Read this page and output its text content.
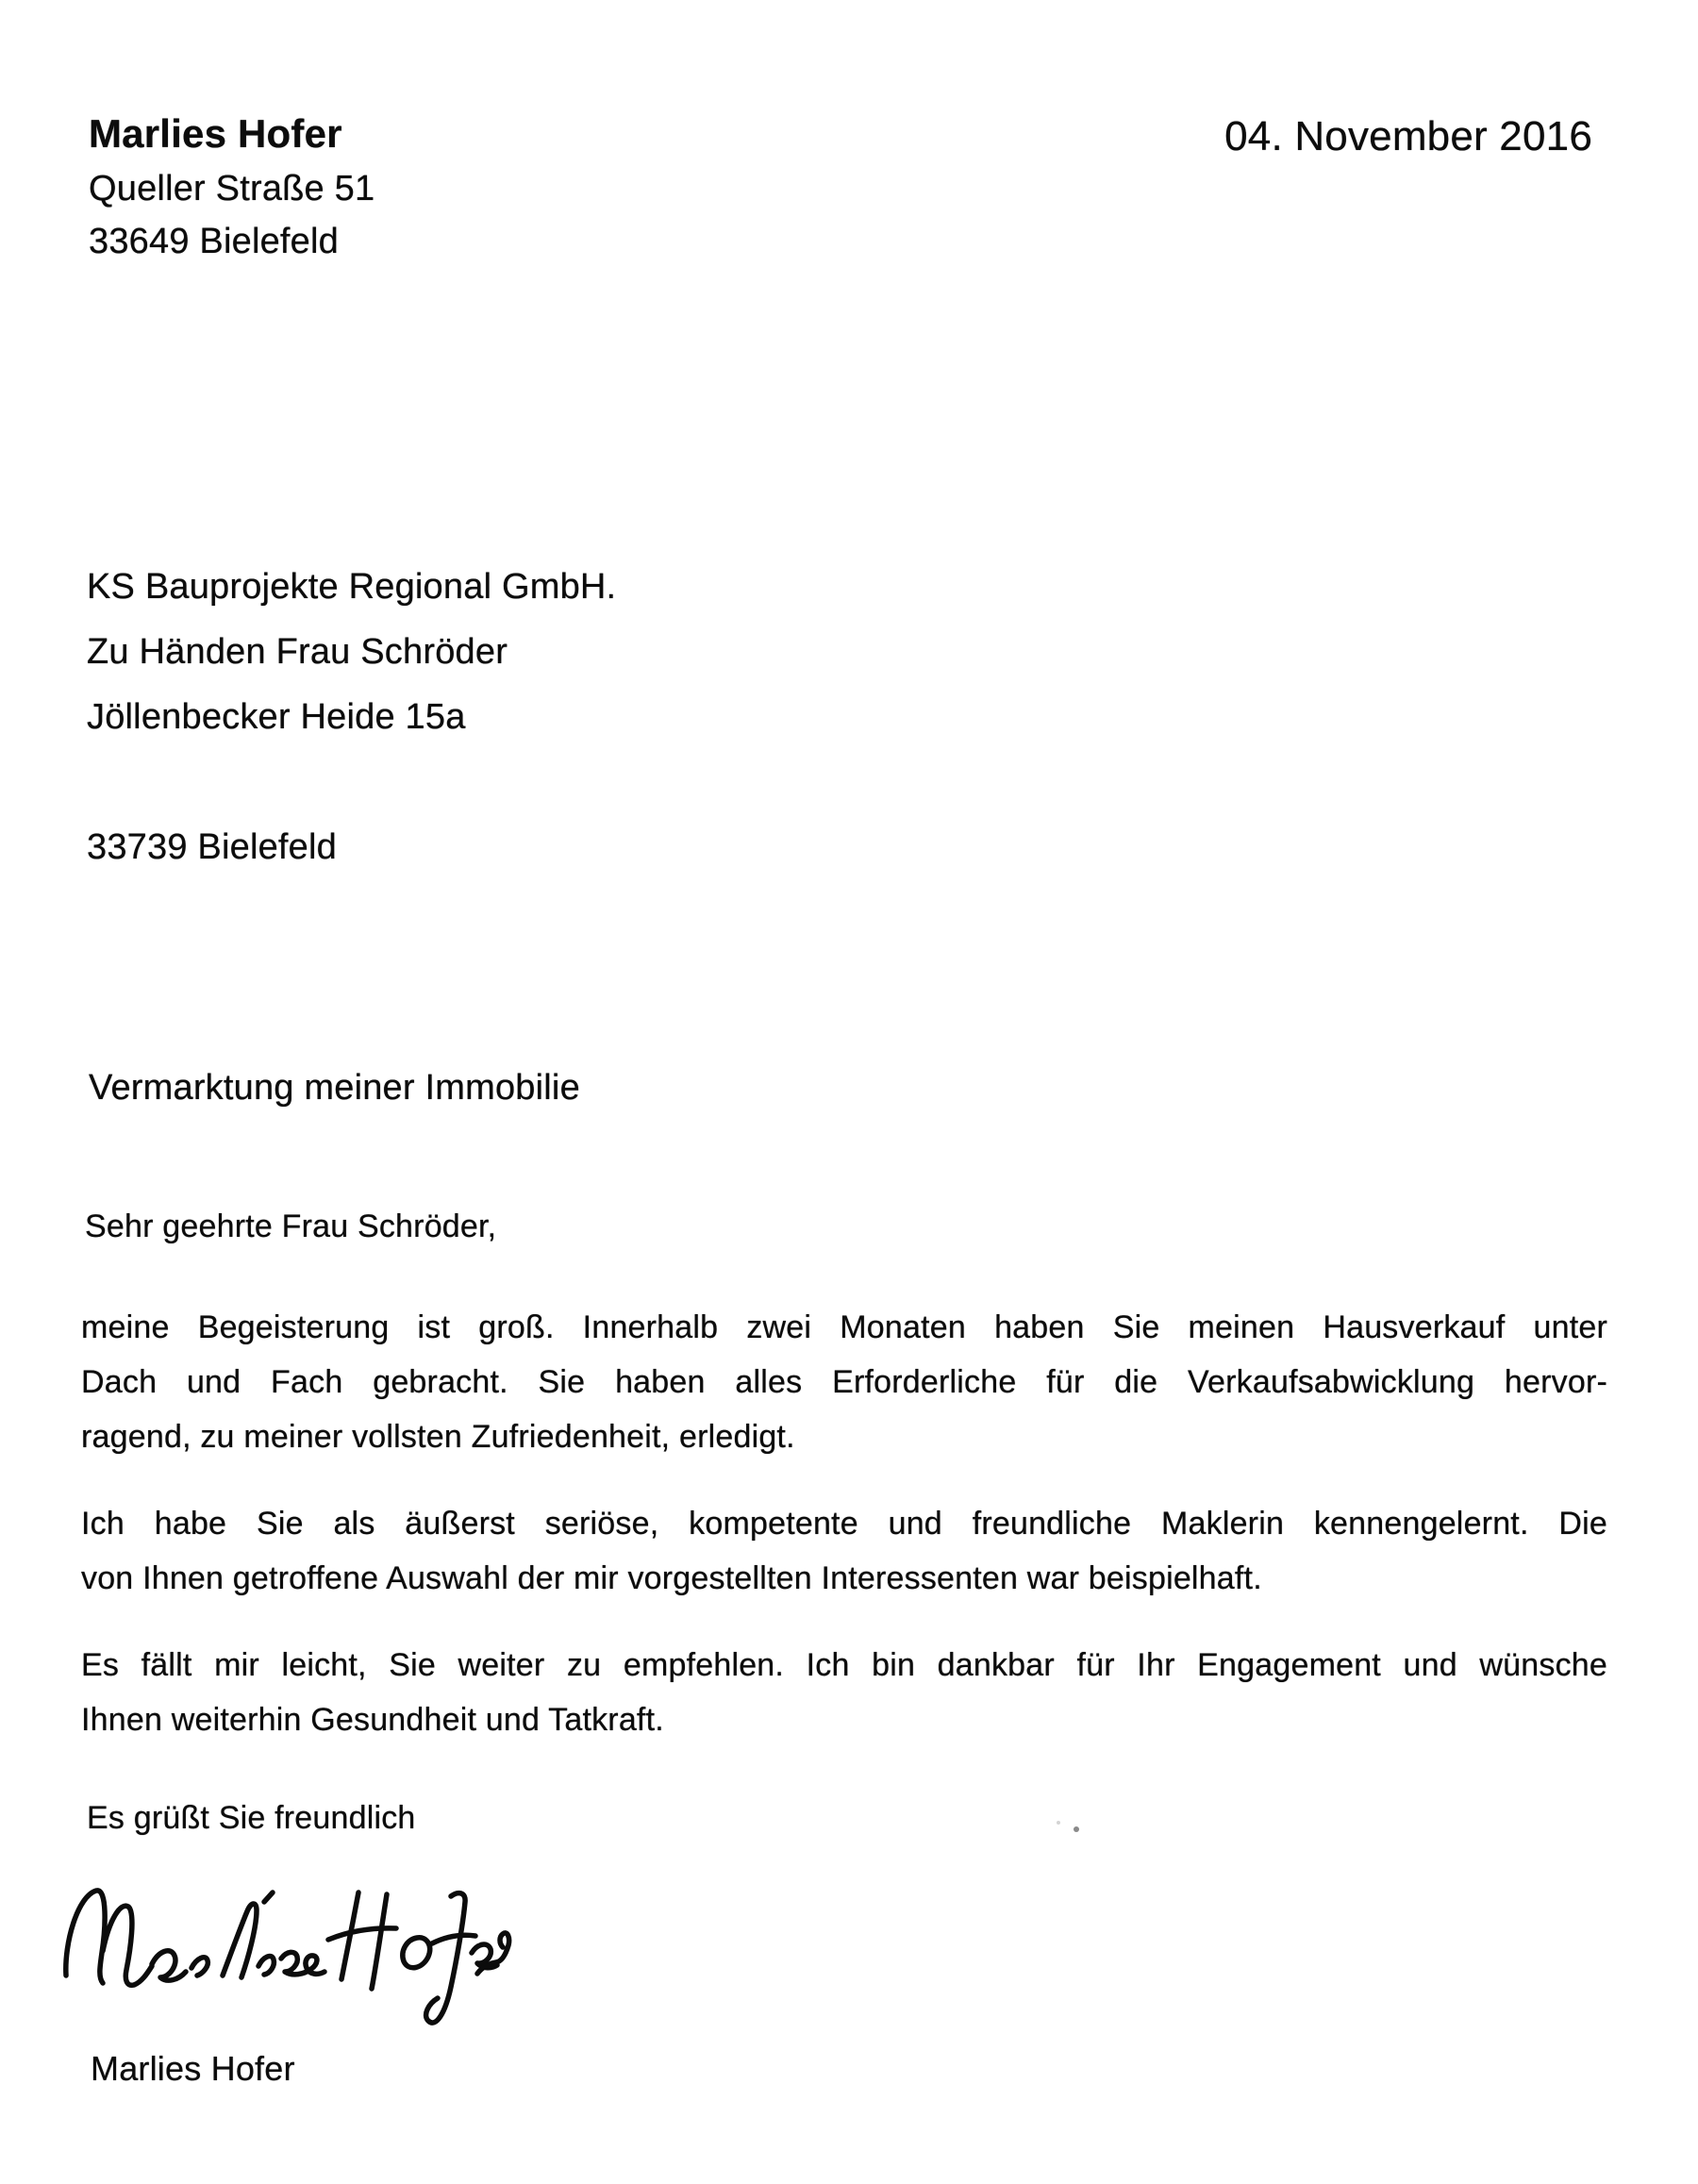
Marlies Hofer
Queller Straße 51
33649 Bielefeld
04. November 2016
KS Bauprojekte Regional GmbH.
Zu Händen Frau Schröder
Jöllenbecker Heide 15a
33739 Bielefeld
Vermarktung meiner Immobilie
Sehr geehrte Frau Schröder,
meine Begeisterung ist groß. Innerhalb zwei Monaten haben Sie meinen Hausverkauf unter
Dach und Fach gebracht. Sie haben alles Erforderliche für die Verkaufsabwicklung hervor-
ragend, zu meiner vollsten Zufriedenheit, erledigt.
Ich habe Sie als äußerst seriöse, kompetente und freundliche Maklerin kennengelernt. Die
von Ihnen getroffene Auswahl der mir vorgestellten Interessenten war beispielhaft.
Es fällt mir leicht, Sie weiter zu empfehlen. Ich bin dankbar für Ihr Engagement und wünsche
Ihnen weiterhin Gesundheit und Tatkraft.
Es grüßt Sie freundlich
Marlies Hofer
